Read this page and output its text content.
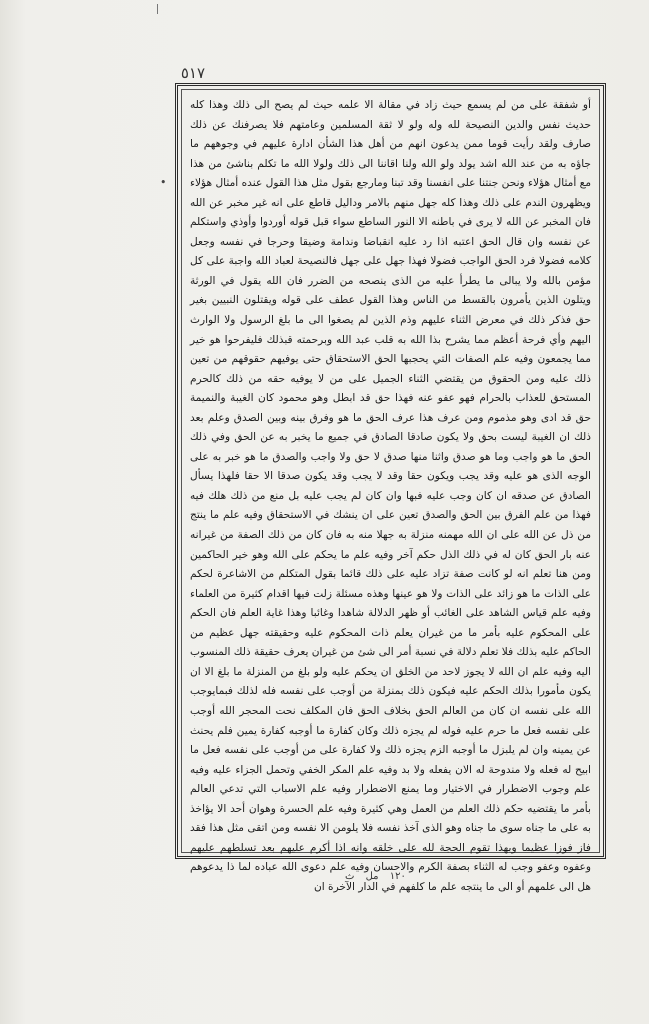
٥١٧
•

أو شفقة على من لم يسمع حيث زاد في مقالة الا علمه حيث لم يصح الى ذلك وهذا كله حديث نفس والدين النصيحة لله وله ولو لا ثقة المسلمين وعامتهم فلا يصرفنك عن ذلك صارف ولقد رأيت قوما ممن يدعون انهم من أهل هذا الشأن ادارة عليهم في وجوههم ما جاؤه به من عند الله اشد يولد ولو الله ولنا اقاننا الى ذلك ولولا الله ما تكلم بناشئ من هذا مع أمثال هؤلاء ونحن جنتنا على انفسنا وقد تبنا ومارجع بقول مثل هذا القول عنده أمثال هؤلاء ويظهرون الندم على ذلك وهذا كله جهل منهم بالامر وداليل قاطع على انه غير مخبر عن الله فان المخبر عن الله لا يرى في باطنه الا النور الساطع سواء قبل قوله أوردوا وأوذي واستكلم عن نفسه وان قال الحق اعتبه اذا رد عليه انقباضا وندامة وضيقا وحرجا في نفسه وجعل كلامه فضولا فرد الحق الواجب فضولا فهذا جهل على جهل فالنصيحة لعباد الله واجبة على كل مؤمن بالله ولا يبالى ما يطرأ عليه من الذى ينصحه من الضرر فان الله يقول في الورثة ويتلون الذين يأمرون بالقسط من الناس وهذا القول عطف على قوله ويقتلون النبيين بغير حق فذكر ذلك في معرض الثناء عليهم وذم الذين لم يصغوا الى ما بلغ الرسول ولا الوارث اليهم وأي فرحة أعظم مما يشرح بذا الله به قلب عبد الله وبرحمته قبذلك فليفرحوا هو خير مما يجمعون وفيه علم الصفات التي يحجبها الحق الاستحقاق حتى يوفيهم حقوقهم من تعين ذلك عليه ومن الحقوق من يقتضي الثناء الجميل على من لا يوفيه حقه من ذلك كالحرم المستحق للعذاب بالحرام فهو عفو عنه فهذا حق قد ابطل وهو محمود كان الغيبة والنميمة حق قد ادى وهو مذموم ومن عرف هذا عرف الحق ما هو وفرق بينه وبين الصدق وعلم بعد ذلك ان الغيبة ليست بحق ولا يكون صادقا الصادق في جميع ما يخبر به عن الحق وفي ذلك الحق ما هو واجب وما هو صدق واثنا منها صدق لا حق ولا واجب والصدق ما هو خبر به على الوجه الذى هو عليه وقد يجب ويكون حقا وقد لا يجب وقد يكون صدقا الا حقا فلهذا يسأل الصادق عن صدقه ان كان وجب عليه فبها وان كان لم يجب عليه بل منع من ذلك هلك فيه فهذا من علم الفرق بين الحق والصدق تعين على ان ينشك في الاستحقاق وفيه علم ما ينتج من ذل عن الله على ان الله مهمنه منزلة به جهلا منه به فان كان من ذلك الصفة من غيرانه عنه بار الحق كان له في ذلك الذل حكم آخر وفيه علم ما يحكم على الله وهو خير الحاكمين ومن هنا تعلم انه لو كانت صفة تزاد عليه على ذلك قائما بقول المتكلم من الاشاعرة لحكم على الذات ما هو زائد على الذات ولا هو عينها وهذه مسئلة زلت فيها اقدام كثيرة من العلماء وفيه علم قياس الشاهد على الغائب أو ظهر الدلالة شاهدا وغائبا وهذا غاية العلم فان الحكم على المحكوم عليه بأمر ما من غيران يعلم ذات المحكوم عليه وحقيقته جهل عظيم من الحاكم عليه بذلك فلا تعلم دلالة في نسبة أمر الى شئ من غيران يعرف حقيقة ذلك المنسوب اليه وفيه علم ان الله لا يجوز لاحد من الخلق ان يحكم عليه ولو بلغ من المنزلة ما بلغ الا ان يكون مأمورا بذلك الحكم عليه فيكون ذلك بمنزلة من أوجب على نفسه فله لذلك فبمايوجب الله على نفسه ان كان من العالم الحق بخلاف الحق فان المكلف نحت المحجر الله أوجب على نفسه فعل ما حرم عليه فوله لم يجزه ذلك وكان كفارة ما أوجبه كفارة يمين فلم يحنث عن يمينه وان لم يلبزل ما أوجبه الزم يجزه ذلك ولا كفارة على من أوجب على نفسه فعل ما ابيح له فعله ولا مندوحة له الان يفعله ولا بد وفيه علم المكر الخفي وتحمل الجزاء عليه وفيه علم وجوب الاضطرار في الاختيار وما يمنع الاضطرار وفيه علم الاسباب التي تدعي العالم بأمر ما يقتضيه حكم ذلك العلم من العمل وهي كثيرة وفيه علم الحسرة وهوان أحد الا يؤاخذ به على ما جناه سوى ما جناه وهو الذى آخذ نفسه فلا يلومن الا نفسه ومن اتقى مثل هذا فقد فاز فوزا عظيما وبهذا تقوم الحجة لله على خلقه وانه اذا أكرم عليهم بعد تسلطهم عليهم وعفوه وعفو وجب له الثناء بصفة الكرم والاحسان وفيه علم دعوى الله عباده لما ذا يدعوهم هل الى علمهم أو الى ما ينتجه علم ما كلفهم في الدار الآخرة ان

١٢٠ مل ث
